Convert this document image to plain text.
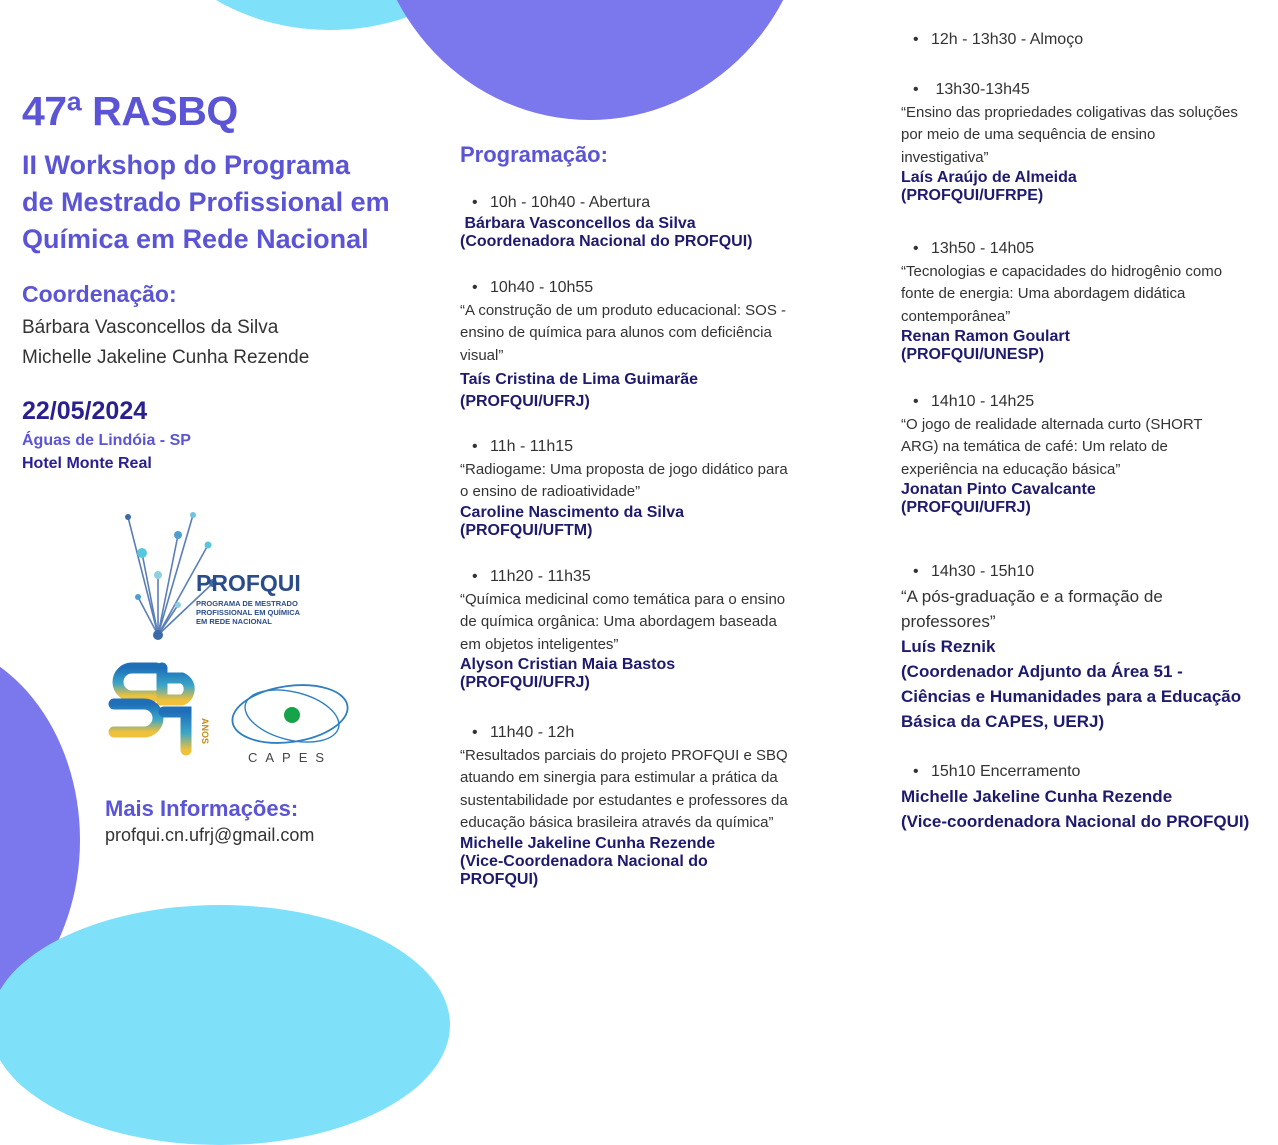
47ª RASBQ
II Workshop do Programa
de Mestrado Profissional em
Química em Rede Nacional
Coordenação:
Bárbara Vasconcellos da Silva
Michelle Jakeline Cunha Rezende
22/05/2024
Águas de Lindóia - SP
Hotel Monte Real
PROFQUI
PROGRAMA DE MESTRADO
PROFISSIONAL EM QUÍMICA
EM REDE NACIONAL
ANOS
CAPES
Mais Informações:
profqui.cn.ufrj@gmail.com
Programação:
• 10h - 10h40 - Abertura
Bárbara Vasconcellos da Silva
(Coordenadora Nacional do PROFQUI)
• 10h40 - 10h55
“A construção de um produto educacional: SOS -
ensino de química para alunos com deficiência
visual”
Taís Cristina de Lima Guimarãe
(PROFQUI/UFRJ)
• 11h - 11h15
“Radiogame: Uma proposta de jogo didático para
o ensino de radioatividade”
Caroline Nascimento da Silva
(PROFQUI/UFTM)
• 11h20 - 11h35
“Química medicinal como temática para o ensino
de química orgânica: Uma abordagem baseada
em objetos inteligentes”
Alyson Cristian Maia Bastos
(PROFQUI/UFRJ)
• 11h40 - 12h
“Resultados parciais do projeto PROFQUI e SBQ
atuando em sinergia para estimular a prática da
sustentabilidade por estudantes e professores da
educação básica brasileira através da química”
Michelle Jakeline Cunha Rezende
(Vice-Coordenadora Nacional do
PROFQUI)
• 12h - 13h30 - Almoço
•  13h30-13h45
“Ensino das propriedades coligativas das soluções
por meio de uma sequência de ensino
investigativa”
Laís Araújo de Almeida
(PROFQUI/UFRPE)
• 13h50 - 14h05
“Tecnologias e capacidades do hidrogênio como
fonte de energia: Uma abordagem didática
contemporânea”
Renan Ramon Goulart
(PROFQUI/UNESP)
• 14h10 - 14h25
“O jogo de realidade alternada curto (SHORT
ARG) na temática de café: Um relato de
experiência na educação básica”
Jonatan Pinto Cavalcante
(PROFQUI/UFRJ)
• 14h30 - 15h10
“A pós-graduação e a formação de
professores”
Luís Reznik
(Coordenador Adjunto da Área 51 -
Ciências e Humanidades para a Educação
Básica da CAPES, UERJ)
• 15h10 Encerramento
Michelle Jakeline Cunha Rezende
(Vice-coordenadora Nacional do PROFQUI)
